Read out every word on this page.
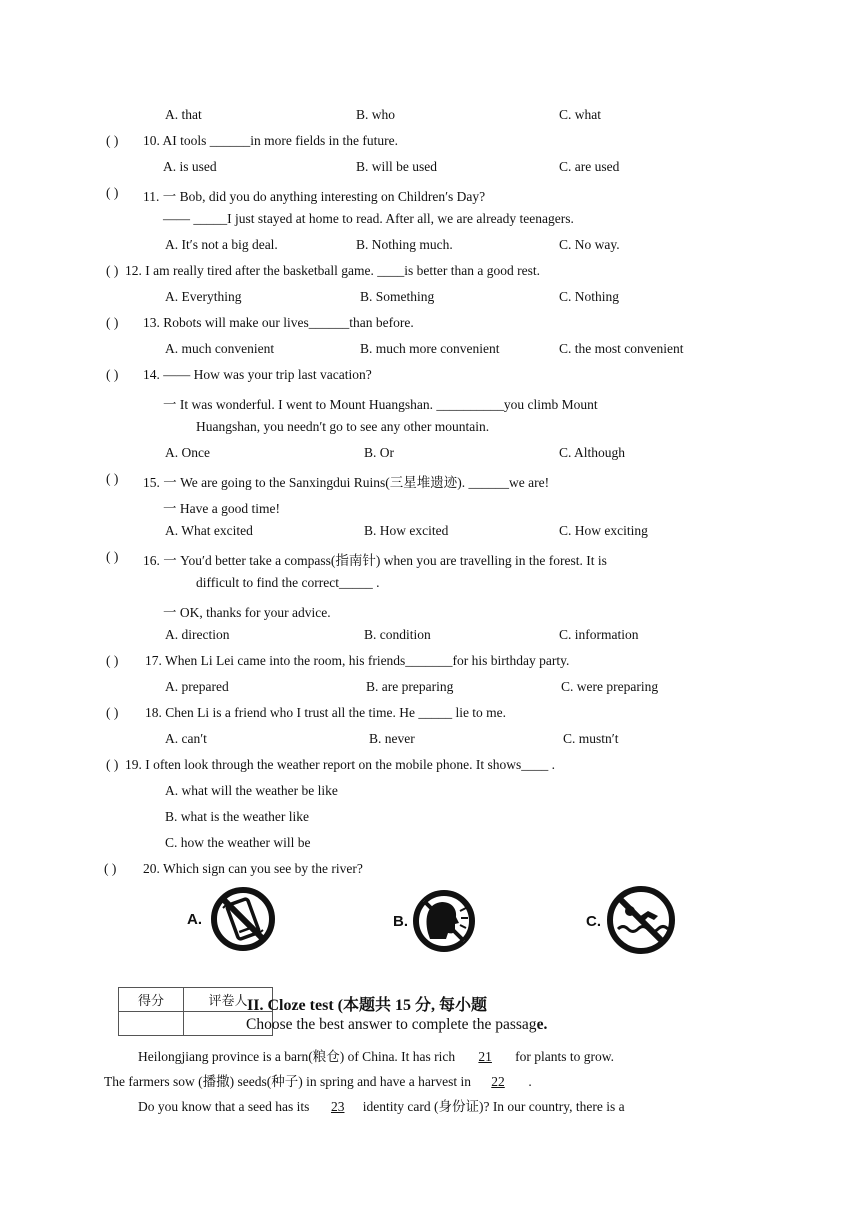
A. that	B. who	C. what
( ) 10. AI tools ______in more fields in the future.
A. is used	B. will be used	C. are used
( ) 11. 一 Bob, did you do anything interesting on Children′s Day?
—— _____I just stayed at home to read. After all, we are already teenagers.
A. It′s not a big deal.	B. Nothing much.	C. No way.
( ) 12. I am really tired after the basketball game. ____is better than a good rest.
A. Everything	B. Something	C. Nothing
( ) 13. Robots will make our lives______than before.
A. much convenient	B. much more convenient	C. the most convenient
( ) 14. —— How was your trip last vacation?
一 It was wonderful. I went to Mount Huangshan. __________you climb Mount
Huangshan, you needn′t go to see any other mountain.
A. Once	B. Or	C. Although
( ) 15. 一 We are going to the Sanxingdui Ruins(三星堆遗迹). ______we are!
一 Have a good time!
A. What excited	B. How excited	C. How exciting
( ) 16. 一 You′d better take a compass(指南针) when you are travelling in the forest. It is
difficult to find the correct_____ .
一 OK, thanks for your advice.
A. direction	B. condition	C. information
( ) 17. When Li Lei came into the room, his friends_______for his birthday party.
A. prepared	B. are preparing	C. were preparing
( ) 18. Chen Li is a friend who I trust all the time. He _____ lie to me.
A. can′t	B. never	C. mustn′t
( ) 19. I often look through the weather report on the mobile phone. It shows____ .
A. what will the weather be like
B. what is the weather like
C. how the weather will be
( ) 20. Which sign can you see by the river?
A.	B.	C.
得分	评卷人
	II. Cloze test (本题共 15 分, 每小题
Choose the best answer to complete the passage.
Heilongjiang province is a barn(粮仓) of China. It has rich 21 for plants to grow.
The farmers sow (播撒) seeds(种子) in spring and have a harvest in 22 .
Do you know that a seed has its 23 identity card (身份证)? In our country, there is a
